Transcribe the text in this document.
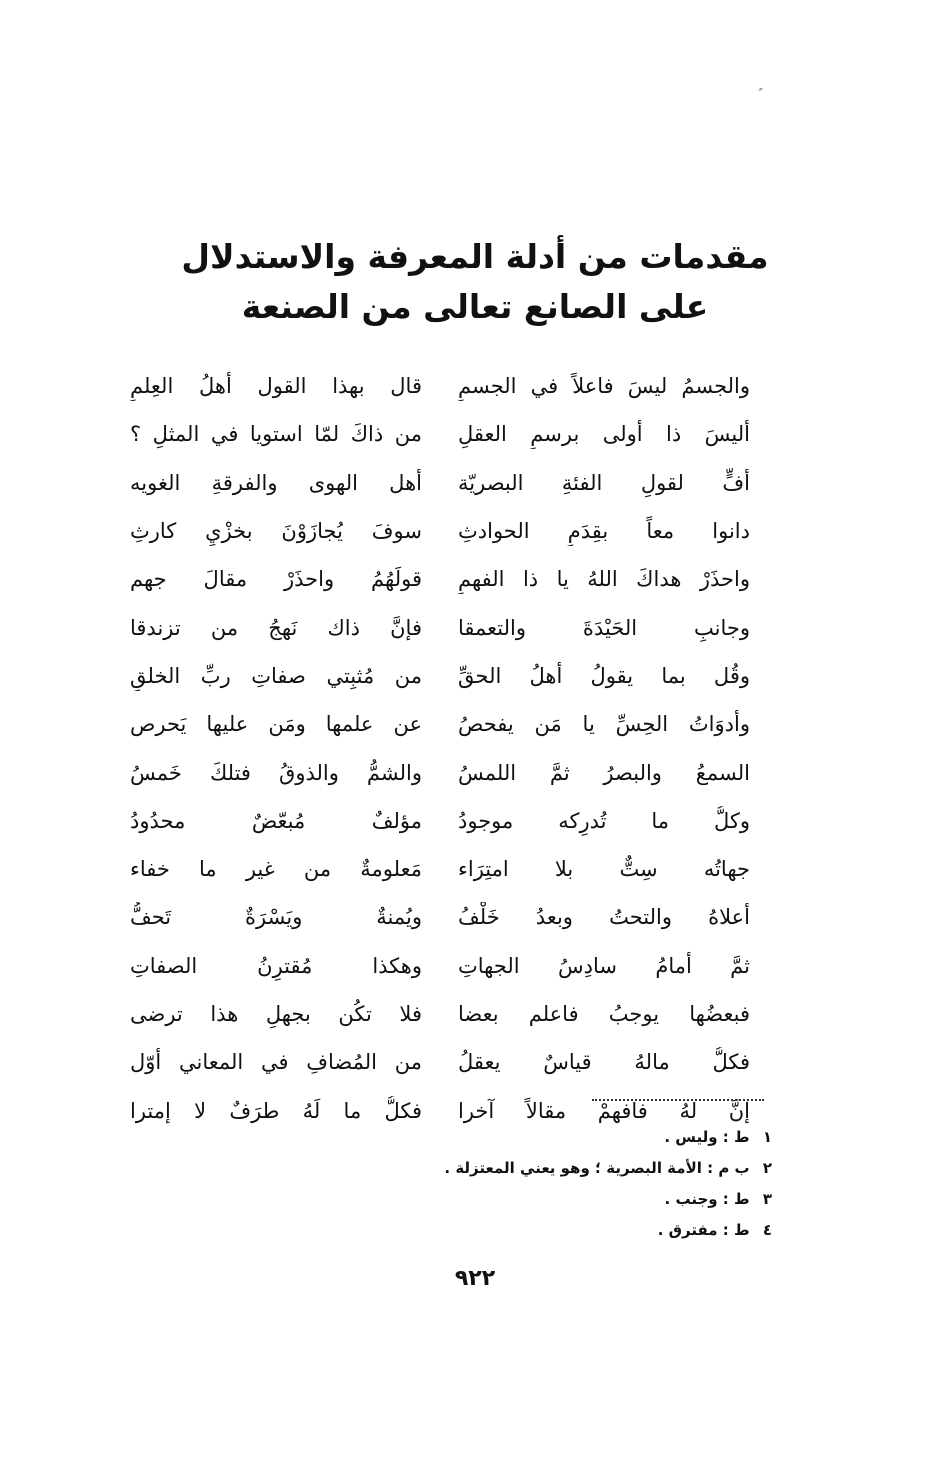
مقدمات من أدلة المعرفة والاستدلال
على الصانع تعالى من الصنعة
والجسمُ ليسَ فاعلاً في الجسمِ
قال بهذا القول أهلُ العِلمِ
أليسَ ذا أولى برسمِ العقلِ
من ذاكَ لمّا استويا في المثلِ ؟
أفٍّ لقولِ الفئةِ البصريّة
أهل الهوى والفرقةِ الغويه
دانوا معاً بقِدَمِ الحوادثِ
سوفَ يُجازَوْنَ بخزْيِ كارثِ
واحذَرْ هداكَ اللهُ يا ذا الفهمِ
قولَهُمُ واحذَرْ مقالَ جهم
وجانبِ الحَيْدَةَ والتعمقا
فإنَّ ذاك نَهجُ من تزندقا
وقُل بما يقولُ أهلُ الحقِّ
من مُثبِتي صفاتِ ربِّ الخلقِ
وأدوَاتُ الحِسِّ يا مَن يفحصُ
عن علمها ومَن عليها يَحرص
السمعُ والبصرُ ثمَّ اللمسُ
والشمُّ والذوقُ فتلكَ خَمسُ
وكلُّ ما تُدرِكه موجودُ
مؤلفٌ مُبعّضٌ محدُودُ
جهاتُه سِتٌّ بلا امتِرَاء
مَعلومةٌ من غير ما خفاء
أعلاهُ والتحتُ وبعدُ خَلْفُ
ويُمنةٌ ويَسْرَةٌ تَحفُّ
ثمَّ أمامُ سادِسُ الجهاتِ
وهكذا مُقترِنُ الصفاتِ
فبعضُها يوجبُ فاعلم بعضا
فلا تكُن بجهلِ هذا ترضى
فكلُّ مالهُ قياسٌ يعقلُ
من المُضافِ في المعاني أوّل
إنَّ لهُ فافهمْ مقالاً آخرا
فكلُّ ما لَهُ طرَفٌ لا إمترا
١ ط : وليس .
٢ ب م : الأمة البصرية ؛ وهو يعني المعتزلة .
٣ ط : وجنب .
٤ ط : مفترق .
٩٢٢
